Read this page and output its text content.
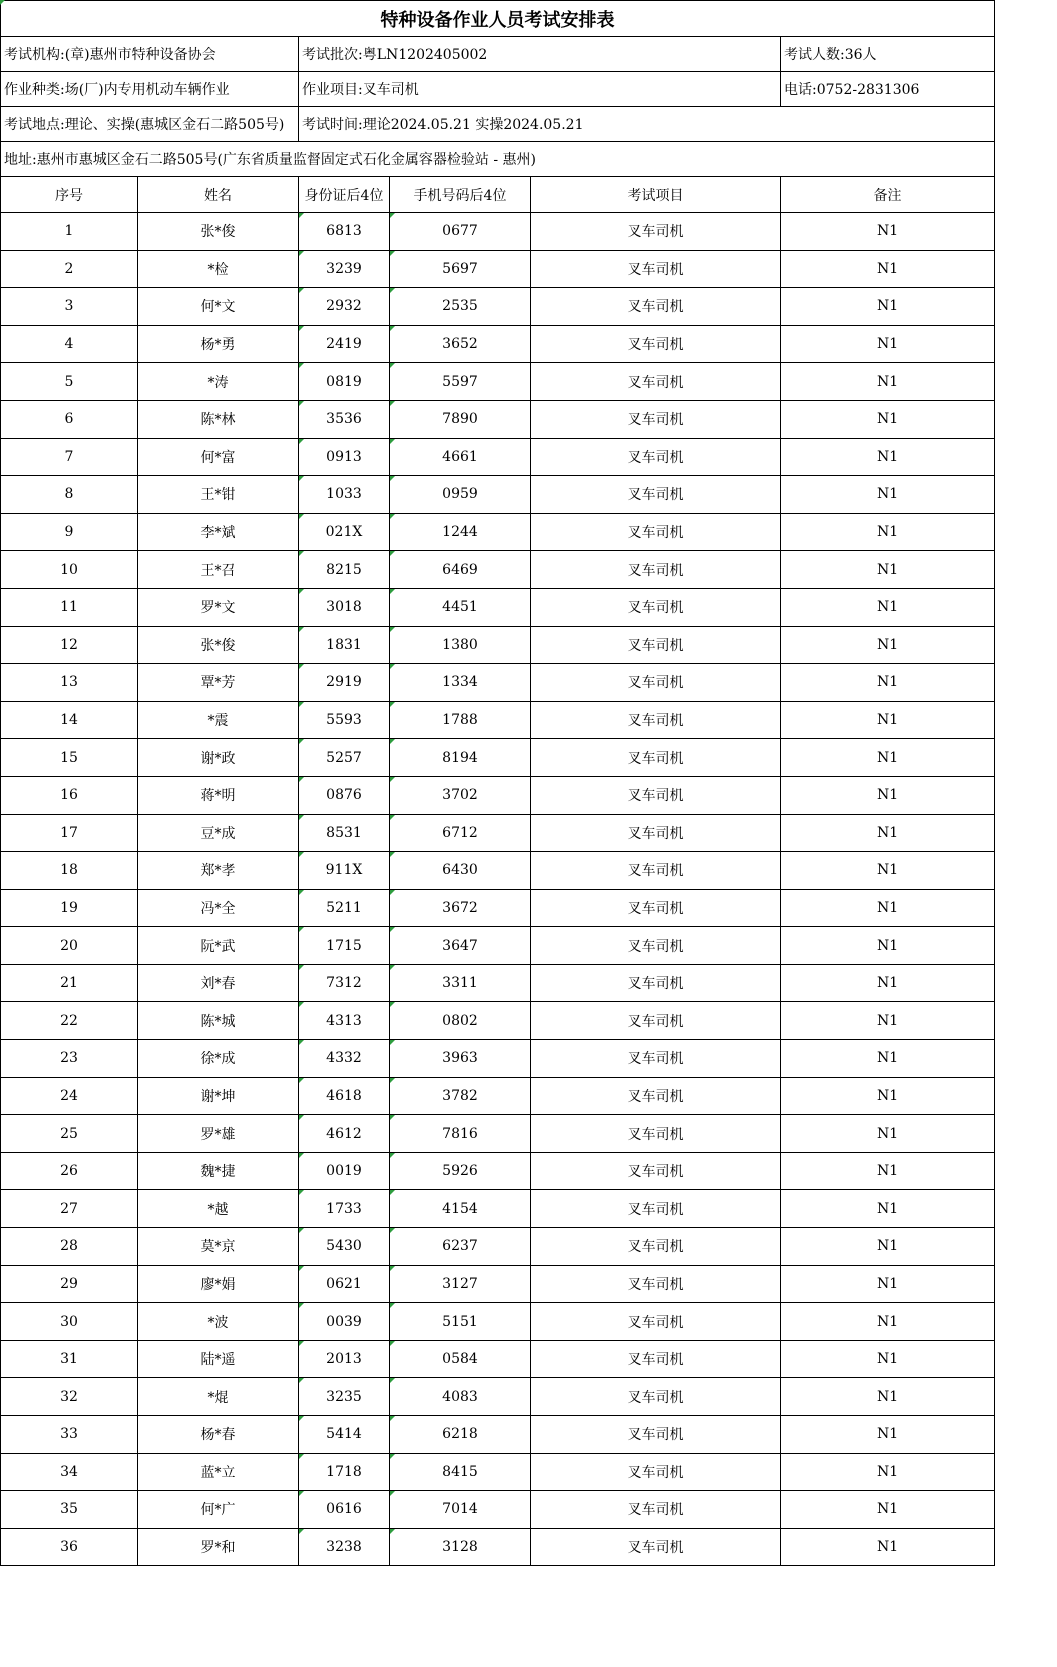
特种设备作业人员考试安排表					
考试机构:(章)惠州市特种设备协会		考试批次:粤LN1202405002			考试人数:36人
作业种类:场(厂)内专用机动车辆作业		作业项目:叉车司机			电话:0752-2831306
考试地点:理论、实操(惠城区金石二路505号)		考试时间:理论2024.05.21 实操2024.05.21			
地址:惠州市惠城区金石二路505号(广东省质量监督固定式石化金属容器检验站 - 惠州)					
序号	姓名	身份证后4位	手机号码后4位	考试项目	备注
1	张*俊	6813	0677	叉车司机	N1
2	*检	3239	5697	叉车司机	N1
3	何*文	2932	2535	叉车司机	N1
4	杨*勇	2419	3652	叉车司机	N1
5	*涛	0819	5597	叉车司机	N1
6	陈*林	3536	7890	叉车司机	N1
7	何*富	0913	4661	叉车司机	N1
8	王*钳	1033	0959	叉车司机	N1
9	李*斌	021X	1244	叉车司机	N1
10	王*召	8215	6469	叉车司机	N1
11	罗*文	3018	4451	叉车司机	N1
12	张*俊	1831	1380	叉车司机	N1
13	覃*芳	2919	1334	叉车司机	N1
14	*震	5593	1788	叉车司机	N1
15	谢*政	5257	8194	叉车司机	N1
16	蒋*明	0876	3702	叉车司机	N1
17	豆*成	8531	6712	叉车司机	N1
18	郑*孝	911X	6430	叉车司机	N1
19	冯*全	5211	3672	叉车司机	N1
20	阮*武	1715	3647	叉车司机	N1
21	刘*春	7312	3311	叉车司机	N1
22	陈*城	4313	0802	叉车司机	N1
23	徐*成	4332	3963	叉车司机	N1
24	谢*坤	4618	3782	叉车司机	N1
25	罗*雄	4612	7816	叉车司机	N1
26	魏*捷	0019	5926	叉车司机	N1
27	*越	1733	4154	叉车司机	N1
28	莫*京	5430	6237	叉车司机	N1
29	廖*娟	0621	3127	叉车司机	N1
30	*波	0039	5151	叉车司机	N1
31	陆*遥	2013	0584	叉车司机	N1
32	*焜	3235	4083	叉车司机	N1
33	杨*春	5414	6218	叉车司机	N1
34	蓝*立	1718	8415	叉车司机	N1
35	何*广	0616	7014	叉车司机	N1
36	罗*和	3238	3128	叉车司机	N1
